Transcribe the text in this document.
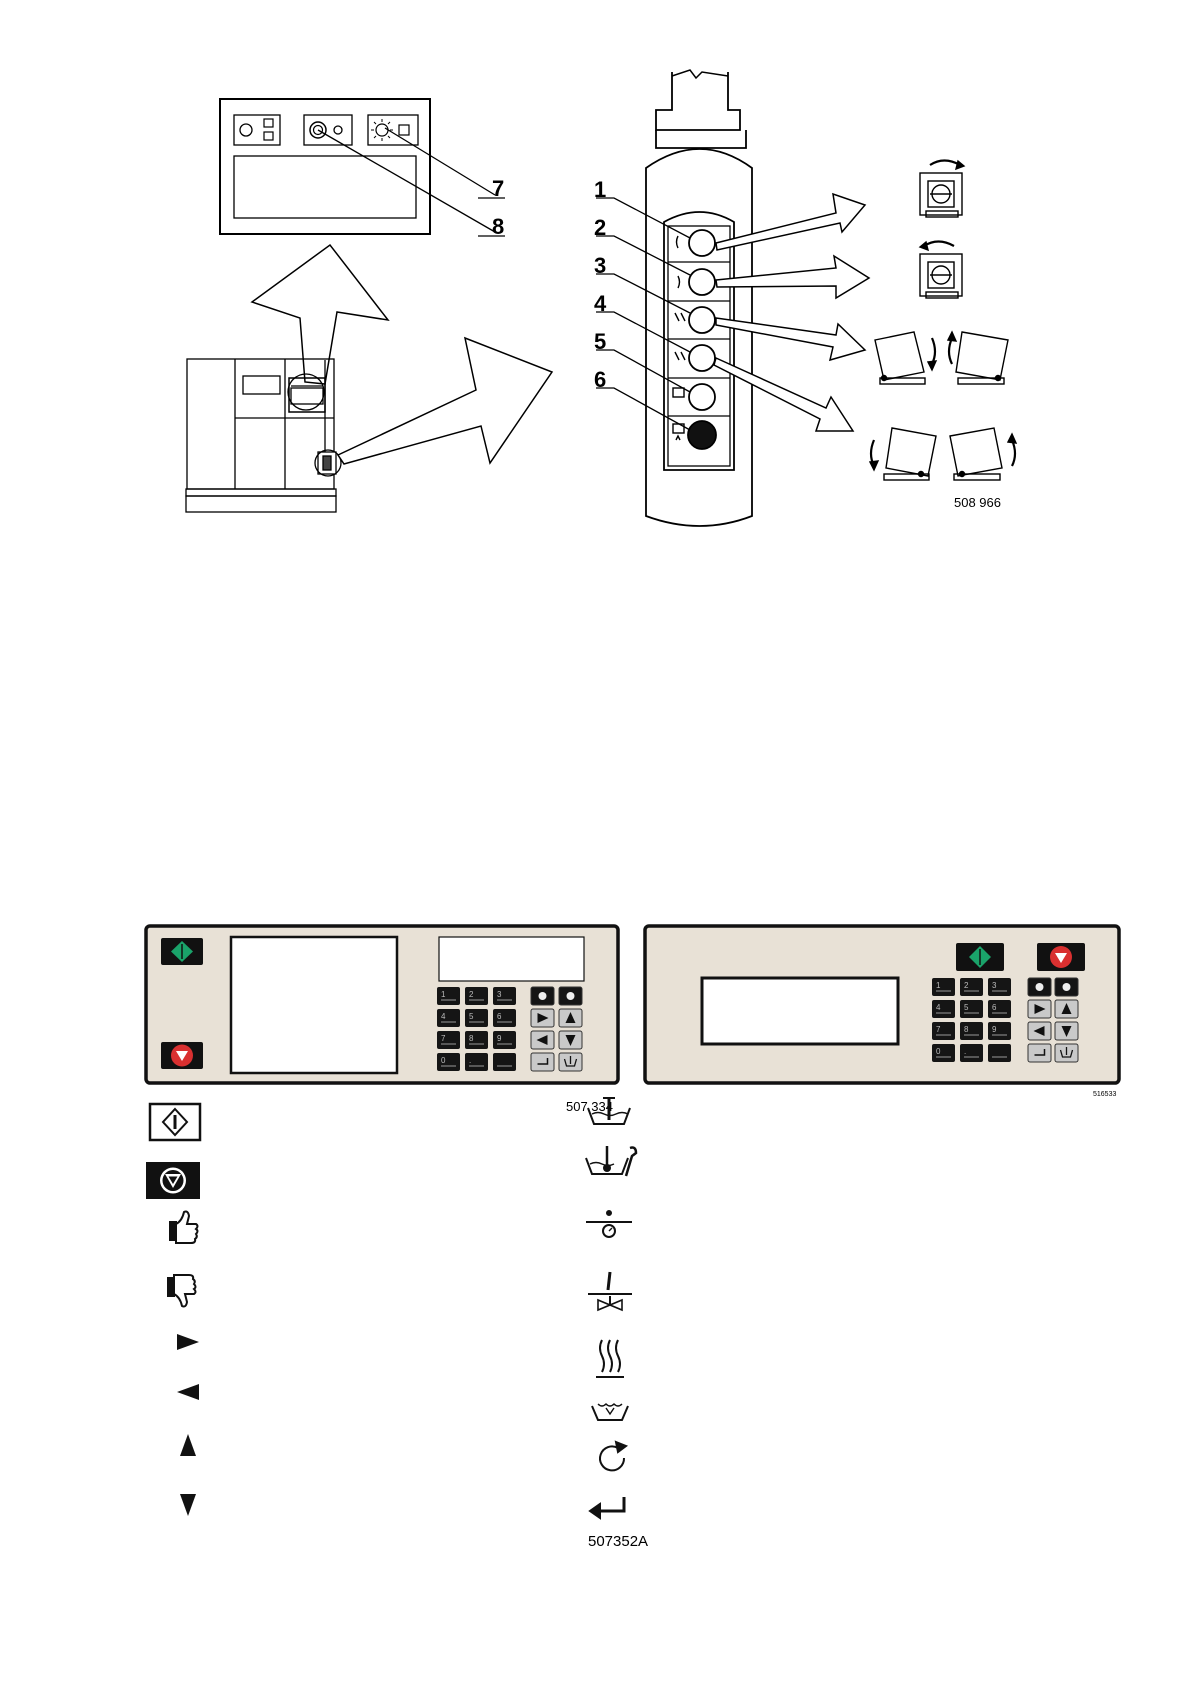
7
8
1
2
3
4
5
6
508 966
1	2	3
4	5	6
7	8	9
0	.
507 334
1	2	3
4	5	6
7	8	9
0	.
516533
507352A
